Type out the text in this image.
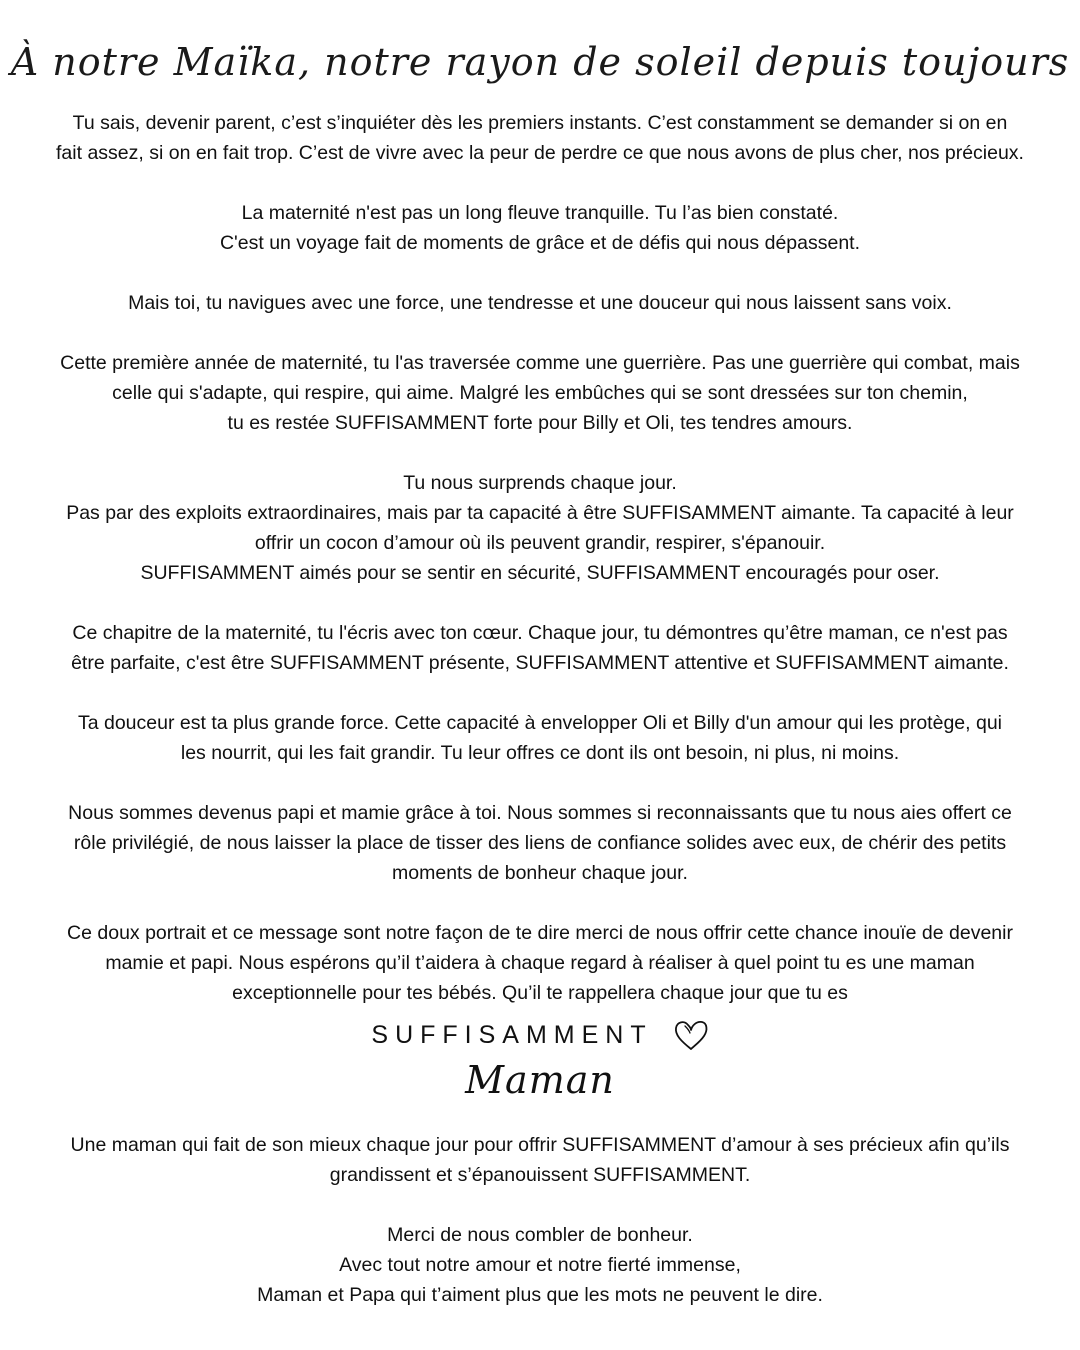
À notre Maïka, notre rayon de soleil depuis toujours

Tu sais, devenir parent, c’est s’inquiéter dès les premiers instants. C’est constamment se demander si on en
fait assez, si on en fait trop. C’est de vivre avec la peur de perdre ce que nous avons de plus cher, nos précieux.

La maternité n'est pas un long fleuve tranquille. Tu l’as bien constaté.
C'est un voyage fait de moments de grâce et de défis qui nous dépassent.

Mais toi, tu navigues avec une force, une tendresse et une douceur qui nous laissent sans voix.

Cette première année de maternité, tu l'as traversée comme une guerrière. Pas une guerrière qui combat, mais
celle qui s'adapte, qui respire, qui aime. Malgré les embûches qui se sont dressées sur ton chemin,
tu es restée SUFFISAMMENT forte pour Billy et Oli, tes tendres amours.

Tu nous surprends chaque jour.
Pas par des exploits extraordinaires, mais par ta capacité à être SUFFISAMMENT aimante. Ta capacité à leur
offrir un cocon d’amour où ils peuvent grandir, respirer, s'épanouir.
SUFFISAMMENT aimés pour se sentir en sécurité, SUFFISAMMENT encouragés pour oser.

Ce chapitre de la maternité, tu l'écris avec ton cœur. Chaque jour, tu démontres qu’être maman, ce n'est pas
être parfaite, c'est être SUFFISAMMENT présente, SUFFISAMMENT attentive et SUFFISAMMENT aimante.

Ta douceur est ta plus grande force. Cette capacité à envelopper Oli et Billy d'un amour qui les protège, qui
les nourrit, qui les fait grandir. Tu leur offres ce dont ils ont besoin, ni plus, ni moins.

Nous sommes devenus papi et mamie grâce à toi. Nous sommes si reconnaissants que tu nous aies offert ce
rôle privilégié, de nous laisser la place de tisser des liens de confiance solides avec eux, de chérir des petits
moments de bonheur chaque jour.

Ce doux portrait et ce message sont notre façon de te dire merci de nous offrir cette chance inouïe de devenir
mamie et papi. Nous espérons qu’il t’aidera à chaque regard à réaliser à quel point tu es une maman
exceptionnelle pour tes bébés. Qu’il te rappellera chaque jour que tu es

SUFFISAMMENT
Maman

Une maman qui fait de son mieux chaque jour pour offrir SUFFISAMMENT d’amour à ses précieux afin qu’ils
grandissent et s’épanouissent SUFFISAMMENT.

Merci de nous combler de bonheur.
Avec tout notre amour et notre fierté immense,
Maman et Papa qui t’aiment plus que les mots ne peuvent le dire.
